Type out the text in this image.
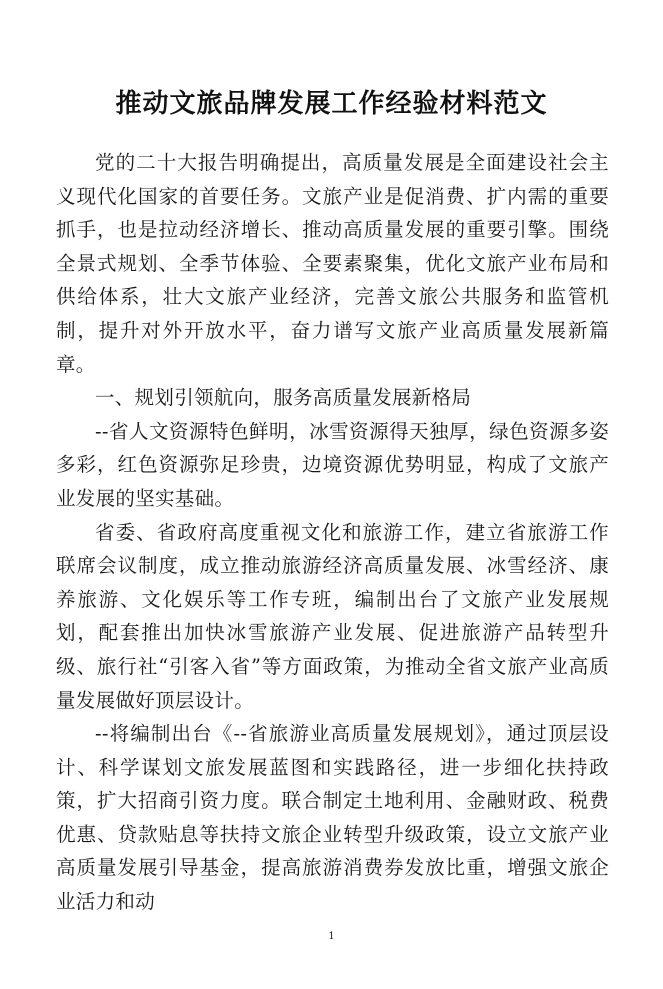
推动文旅品牌发展工作经验材料范文

党的二十大报告明确提出，高质量发展是全面建设社会主义现代化国家的首要任务。文旅产业是促消费、扩内需的重要抓手，也是拉动经济增长、推动高质量发展的重要引擎。围绕全景式规划、全季节体验、全要素聚集，优化文旅产业布局和供给体系，壮大文旅产业经济，完善文旅公共服务和监管机制，提升对外开放水平，奋力谱写文旅产业高质量发展新篇章。

一、规划引领航向，服务高质量发展新格局

--省人文资源特色鲜明，冰雪资源得天独厚，绿色资源多姿多彩，红色资源弥足珍贵，边境资源优势明显，构成了文旅产业发展的坚实基础。

省委、省政府高度重视文化和旅游工作，建立省旅游工作联席会议制度，成立推动旅游经济高质量发展、冰雪经济、康养旅游、文化娱乐等工作专班，编制出台了文旅产业发展规划，配套推出加快冰雪旅游产业发展、促进旅游产品转型升级、旅行社“引客入省”等方面政策，为推动全省文旅产业高质量发展做好顶层设计。

--将编制出台《--省旅游业高质量发展规划》，通过顶层设计、科学谋划文旅发展蓝图和实践路径，进一步细化扶持政策，扩大招商引资力度。联合制定土地利用、金融财政、税费优惠、贷款贴息等扶持文旅企业转型升级政策，设立文旅产业高质量发展引导基金，提高旅游消费券发放比重，增强文旅企业活力和动

1
